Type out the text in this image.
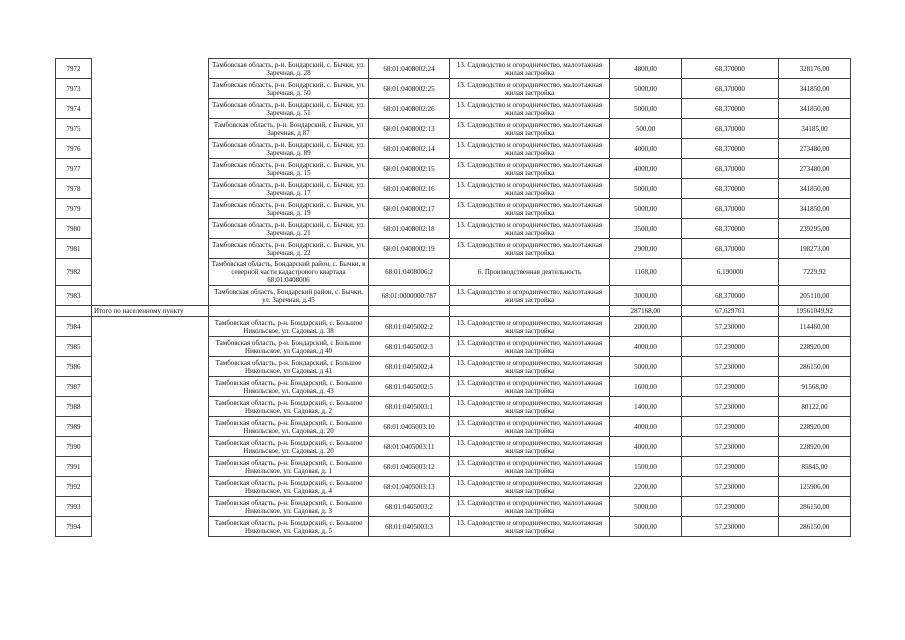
7972		Тамбовская область, р-н. Бондарский, с. Бычки, ул. Заречная, д. 28	68:01:0408002:24	13. Садоводство и огородничество, малоэтажная жилая застройка	4800,00	68,370000	328176,00
7973		Тамбовская область, р-н. Бондарский, с. Бычки, ул. Заречная, д. 50	68:01:0408002:25	13. Садоводство и огородничество, малоэтажная жилая застройка	5000,00	68,370000	341850,00
7974		Тамбовская область, р-н. Бондарский, с. Бычки, ул. Заречная, д. 51	68:01:0408002:26	13. Садоводство и огородничество, малоэтажная жилая застройка	5000,00	68,370000	341850,00
7975		Тамбовская область, р-н. Бондарский, с Бычки, ул Заречная, д 87	68:01:0408002:13	13. Садоводство и огородничество, малоэтажная жилая застройка	500,00	68,370000	34185,00
7976		Тамбовская область, р-н. Бондарский, с. Бычки, ул. Заречная, д. 89	68:01:0408002:14	13. Садоводство и огородничество, малоэтажная жилая застройка	4000,00	68,370000	273480,00
7977		Тамбовская область, р-н. Бондарский, с. Бычки, ул. Заречная, д. 15	68:01:0408002:15	13. Садоводство и огородничество, малоэтажная жилая застройка	4000,00	68,370000	273480,00
7978		Тамбовская область, р-н. Бондарский, с. Бычки, ул. Заречная, д. 17	68:01:0408002:16	13. Садоводство и огородничество, малоэтажная жилая застройка	5000,00	68,370000	341850,00
7979		Тамбовская область, р-н. Бондарский, с. Бычки, ул. Заречная, д. 19	68:01:0408002:17	13. Садоводство и огородничество, малоэтажная жилая застройка	5000,00	68,370000	341850,00
7980		Тамбовская область, р-н. Бондарский, с. Бычки, ул. Заречная, д. 21	68:01:0408002:18	13. Садоводство и огородничество, малоэтажная жилая застройка	3500,00	68,370000	239295,00
7981		Тамбовская область, р-н. Бондарский, с. Бычки, ул. Заречная, д. 22	68:01:0408002:19	13. Садоводство и огородничество, малоэтажная жилая застройка	2900,00	68,370000	198273,00
7982		Тамбовская область, Бондарский район, с. Бычки, в северной части кадастрового квартала 68:01:0408006	68:01:0408006:2	6. Производственная деятельность	1168,00	6,190000	7229,92
7983		Тамбовская область, Бондарский район, с. Бычки, ул. Заречная, д.45	68:01:0000000:787	13. Садоводство и огородничество, малоэтажная жилая застройка	3000,00	68,370000	205110,00
	Итого по населенному пункту				287168,00	67,629761	19561049,92
7984		Тамбовская область, р-н. Бондарский, с. Большое Никольское, ул. Садовая, д. 38	68:01:0405002:2	13. Садоводство и огородничество, малоэтажная жилая застройка	2000,00	57,230000	114460,00
7985		Тамбовская область, р-н. Бондарский, с Большое Никольское, ул Садовая, д 40	68:01:0405002:3	13. Садоводство и огородничество, малоэтажная жилая застройка	4000,00	57,230000	228920,00
7986		Тамбовская область, р-н. Бондарский, с Большое Никольское, ул Садовая, д 41	68:01:0405002:4	13. Садоводство и огородничество, малоэтажная жилая застройка	5000,00	57,230000	286150,00
7987		Тамбовская область, р-н. Бондарский, с. Большое Никольское, ул. Садовая, д. 43	68:01:0405002:5	13. Садоводство и огородничество, малоэтажная жилая застройка	1600,00	57,230000	91568,00
7988		Тамбовская область, р-н. Бондарский, с. Большое Никольское, ул. Садовая, д. 2	68:01:0405003:1	13. Садоводство и огородничество, малоэтажная жилая застройка	1400,00	57,230000	80122,00
7989		Тамбовская область, р-н. Бондарский, с. Большое Никольское, ул. Садовая, д. 20	68:01:0405003:10	13. Садоводство и огородничество, малоэтажная жилая застройка	4000,00	57,230000	228920,00
7990		Тамбовская область, р-н. Бондарский, с. Большое Никольское, ул. Садовая, д. 20	68:01:0405003:11	13. Садоводство и огородничество, малоэтажная жилая застройка	4000,00	57,230000	228920,00
7991		Тамбовская область, р-н. Бондарский, с. Большое Никольское, ул. Садовая, д. 1	68:01:0405003:12	13. Садоводство и огородничество, малоэтажная жилая застройка	1500,00	57,230000	85845,00
7992		Тамбовская область, р-н. Бондарский, с. Большое Никольское, ул. Садовая, д. 4	68:01:0405003:13	13. Садоводство и огородничество, малоэтажная жилая застройка	2200,00	57,230000	125906,00
7993		Тамбовская область, р-н. Бондарский, с. Большое Никольское, ул. Садовая, д. 3	68:01:0405003:2	13. Садоводство и огородничество, малоэтажная жилая застройка	5000,00	57,230000	286150,00
7994		Тамбовская область, р-н. Бондарский, с. Большое Никольское, ул. Садовая, д. 5	68:01:0405003:3	13. Садоводство и огородничество, малоэтажная жилая застройка	5000,00	57,230000	286150,00
